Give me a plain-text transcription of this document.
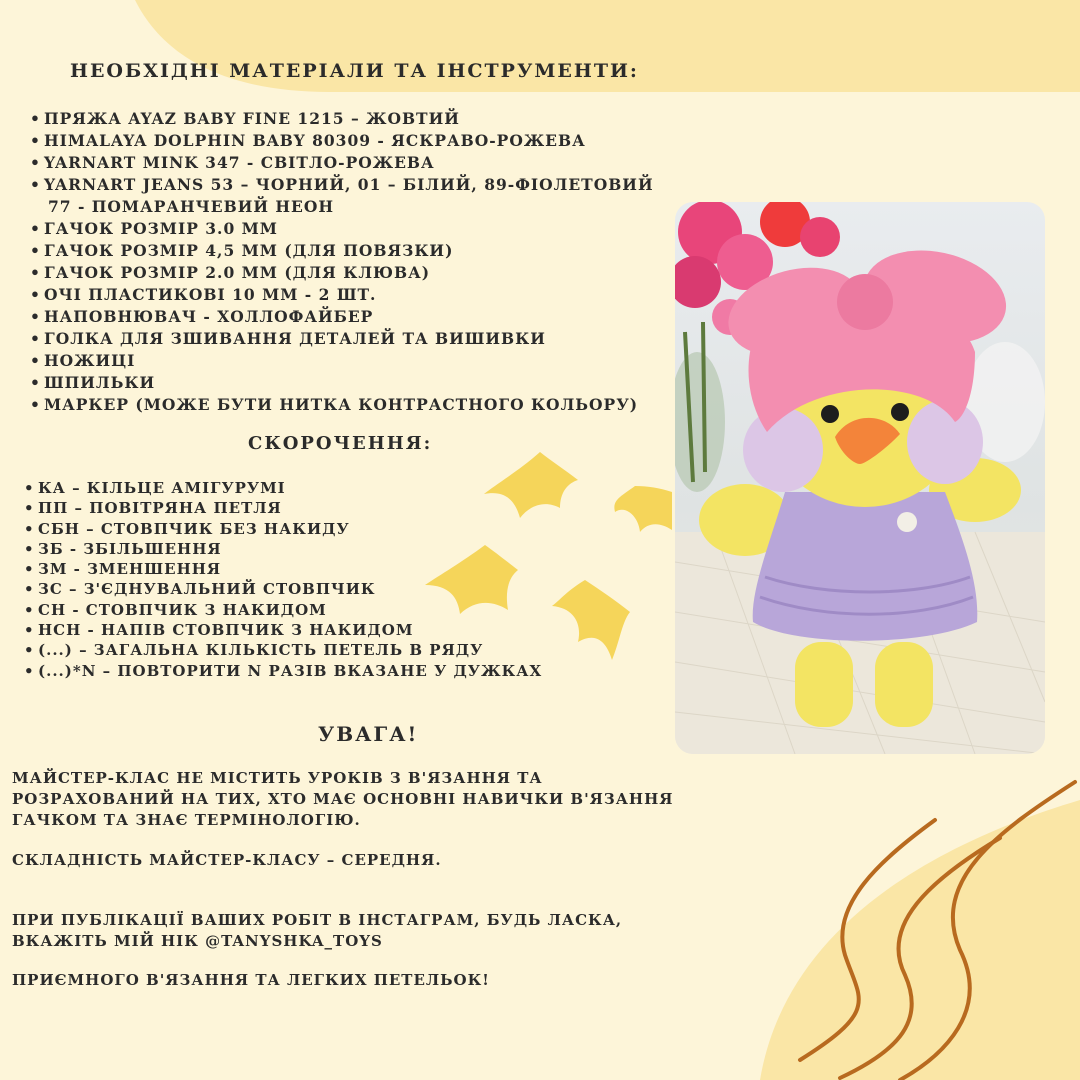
НЕОБХІДНІ МАТЕРІАЛИ ТА ІНСТРУМЕНТИ:
• ПРЯЖА AYAZ BABY FINE 1215 – ЖОВТИЙ
• HIMALAYA DOLPHIN BABY 80309 - ЯСКРАВО-РОЖЕВА
• YARNART MINK 347 - СВІТЛО-РОЖЕВА
• YARNART JEANS 53 – ЧОРНИЙ, 01 – БІЛИЙ, 89-ФІОЛЕТОВИЙ
77 - ПОМАРАНЧЕВИЙ НЕОН
• ГАЧОК РОЗМІР 3.0 ММ
• ГАЧОК РОЗМІР 4,5 ММ (ДЛЯ ПОВЯЗКИ)
• ГАЧОК РОЗМІР 2.0 ММ (ДЛЯ КЛЮВА)
• ОЧІ ПЛАСТИКОВІ 10 ММ - 2 ШТ.
• НАПОВНЮВАЧ - ХОЛЛОФАЙБЕР
• ГОЛКА ДЛЯ ЗШИВАННЯ ДЕТАЛЕЙ ТА ВИШИВКИ
• НОЖИЦІ
• ШПИЛЬКИ
• МАРКЕР (МОЖЕ БУТИ НИТКА КОНТРАСТНОГО КОЛЬОРУ)
СКОРОЧЕННЯ:
• КА – КІЛЬЦЕ АМІГУРУМІ
• ПП – ПОВІТРЯНА ПЕТЛЯ
• СБН – СТОВПЧИК БЕЗ НАКИДУ
• ЗБ - ЗБІЛЬШЕННЯ
• ЗМ - ЗМЕНШЕННЯ
• ЗС – З'ЄДНУВАЛЬНИЙ СТОВПЧИК
• СН - СТОВПЧИК З НАКИДОМ
• НСН - НАПІВ СТОВПЧИК З НАКИДОМ
• (...) – ЗАГАЛЬНА КІЛЬКІСТЬ ПЕТЕЛЬ В РЯДУ
• (...)*N – ПОВТОРИТИ N РАЗІВ ВКАЗАНЕ У ДУЖКАХ
УВАГА!
МАЙСТЕР-КЛАС НЕ МІСТИТЬ УРОКІВ З В'ЯЗАННЯ ТА
РОЗРАХОВАНИЙ НА ТИХ, ХТО МАЄ ОСНОВНІ НАВИЧКИ В'ЯЗАННЯ
ГАЧКОМ ТА ЗНАЄ ТЕРМІНОЛОГІЮ.
СКЛАДНІСТЬ МАЙСТЕР-КЛАСУ – СЕРЕДНЯ.
ПРИ ПУБЛІКАЦІЇ ВАШИХ РОБІТ В ІНСТАГРАМ, БУДЬ ЛАСКА,
ВКАЖІТЬ МІЙ НІК @TANYSHKA_TOYS
ПРИЄМНОГО В'ЯЗАННЯ ТА ЛЕГКИХ ПЕТЕЛЬОК!
